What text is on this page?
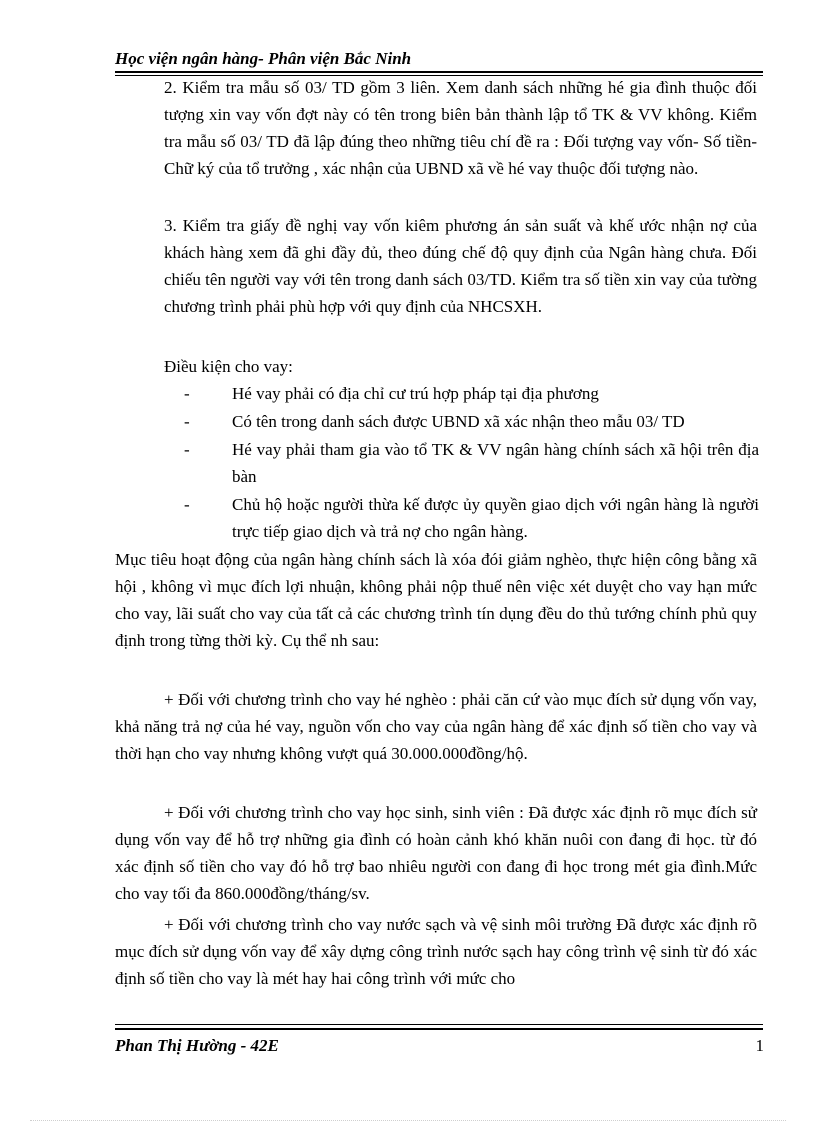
Học viện ngân hàng- Phân viện Bắc Ninh

2. Kiểm tra mẫu số 03/ TD gồm 3 liên. Xem danh sách những hé gia đình thuộc đối tượng xin vay vốn đợt này có tên trong biên bản thành lập tổ TK & VV không. Kiểm tra mẫu số 03/ TD đã lập đúng theo những tiêu chí đề ra : Đối tượng vay vốn- Số tiền- Chữ ký của tổ trưởng , xác nhận của UBND xã về hé vay thuộc đối tượng nào.

3. Kiểm tra giấy đề nghị vay vốn kiêm phương án sản suất và khế ước nhận nợ của khách hàng xem đã ghi đầy đủ, theo đúng chế độ quy định của Ngân hàng chưa. Đối chiếu tên người vay với tên trong danh sách 03/TD. Kiểm tra số tiền xin vay của tường chương trình phải phù hợp với quy định của NHCSXH.

Điều kiện cho vay:

-	Hé vay phải có địa chỉ cư trú hợp pháp tại địa phương
-	Có tên trong danh sách được UBND xã xác nhận theo mẫu 03/ TD
-	Hé vay phải tham gia vào tổ TK & VV ngân hàng chính sách xã hội trên địa bàn
-	Chủ hộ hoặc người thừa kế được ủy quyền giao dịch với ngân hàng là người trực tiếp giao dịch và trả nợ cho ngân hàng.

Mục tiêu hoạt động của ngân hàng chính sách là xóa đói giảm nghèo, thực hiện công bằng xã hội , không vì mục đích lợi nhuận, không phải nộp thuế nên việc xét duyệt cho vay hạn mức cho vay, lãi suất cho vay của tất cả các chương trình tín dụng đều do thủ tướng chính phủ quy định trong từng thời kỳ. Cụ thể nh sau:

+ Đối với chương trình cho vay hé nghèo : phải căn cứ vào mục đích sử dụng vốn vay, khả năng trả nợ của hé vay, nguồn vốn cho vay của ngân hàng để xác định số tiền cho vay và thời hạn cho vay nhưng không vượt quá 30.000.000đồng/hộ.

+ Đối với chương trình cho vay học sinh, sinh viên : Đã được xác định rõ mục đích sử dụng vốn vay để hỗ trợ những gia đình có hoàn cảnh khó khăn nuôi con đang đi học. từ đó xác định số tiền cho vay đó hỗ trợ bao nhiêu người con đang đi học trong mét gia đình.Mức cho vay tối đa 860.000đồng/tháng/sv.

+ Đối với chương trình cho vay nước sạch và vệ sinh môi trường Đã được xác định rõ mục đích sử dụng vốn vay để xây dựng công trình nước sạch hay công trình vệ sinh từ đó xác định số tiền cho vay là mét hay hai công trình với mức cho

Phan Thị Hường - 42E	1
